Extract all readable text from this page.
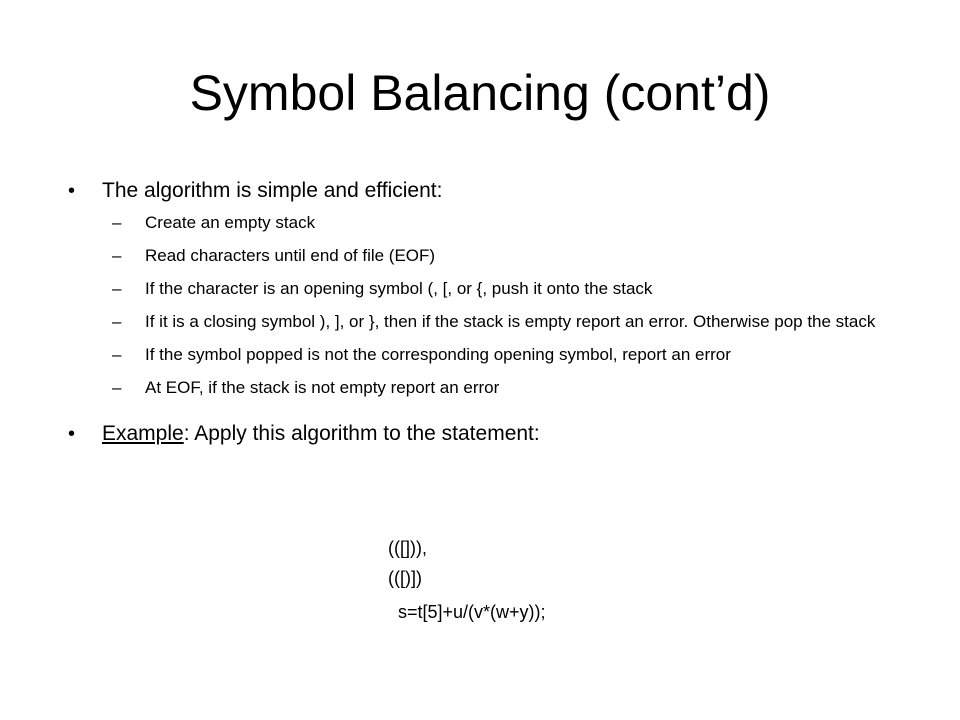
Symbol Balancing (cont’d)
• The algorithm is simple and efficient:
– Create an empty stack
– Read characters until end of file (EOF)
– If the character is an opening symbol (, [, or {, push it onto the stack
– If it is a closing symbol ), ], or }, then if the stack is empty report an error. Otherwise pop the stack
– If the symbol popped is not the corresponding opening symbol, report an error
– At EOF, if the stack is not empty report an error
• Example: Apply this algorithm to the statement:
(([])),
(([)])
s=t[5]+u/(v*(w+y));
